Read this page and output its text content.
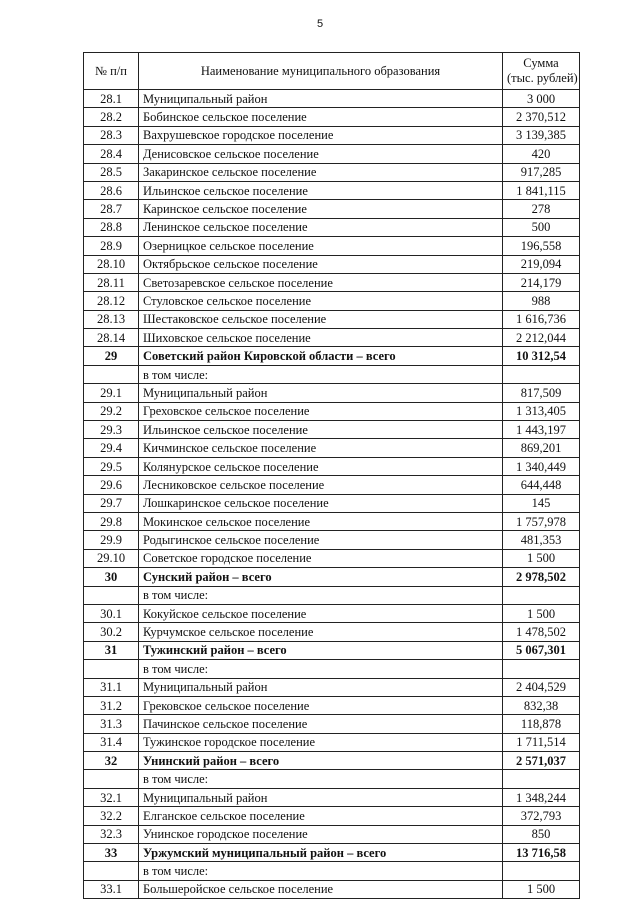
5
№ п/п	Наименование муниципального образования	Сумма
(тыс. рублей)

28.1	Муниципальный район	3 000
28.2	Бобинское сельское поселение	2 370,512
28.3	Вахрушевское городское поселение	3 139,385
28.4	Денисовское сельское поселение	420
28.5	Закаринское сельское поселение	917,285
28.6	Ильинское сельское поселение	1 841,115
28.7	Каринское сельское поселение	278
28.8	Ленинское сельское поселение	500
28.9	Озерницкое сельское поселение	196,558
28.10	Октябрьское сельское поселение	219,094
28.11	Светозаревское сельское поселение	214,179
28.12	Стуловское сельское поселение	988
28.13	Шестаковское сельское поселение	1 616,736
28.14	Шиховское сельское поселение	2 212,044
29	Советский район Кировской области – всего	10 312,54
	в том числе:	
29.1	Муниципальный район	817,509
29.2	Греховское сельское поселение	1 313,405
29.3	Ильинское сельское поселение	1 443,197
29.4	Кичминское сельское поселение	869,201
29.5	Колянурское сельское поселение	1 340,449
29.6	Лесниковское сельское поселение	644,448
29.7	Лошкаринское сельское поселение	145
29.8	Мокинское сельское поселение	1 757,978
29.9	Родыгинское сельское поселение	481,353
29.10	Советское городское поселение	1 500
30	Сунский район – всего	2 978,502
	в том числе:	
30.1	Кокуйское сельское поселение	1 500
30.2	Курчумское сельское поселение	1 478,502
31	Тужинский район – всего	5 067,301
	в том числе:	
31.1	Муниципальный район	2 404,529
31.2	Грековское сельское поселение	832,38
31.3	Пачинское сельское поселение	118,878
31.4	Тужинское городское поселение	1 711,514
32	Унинский район – всего	2 571,037
	в том числе:	
32.1	Муниципальный район	1 348,244
32.2	Елганское сельское поселение	372,793
32.3	Унинское городское поселение	850
33	Уржумский муниципальный район – всего	13 716,58
	в том числе:	
33.1	Большеройское сельское поселение	1 500
